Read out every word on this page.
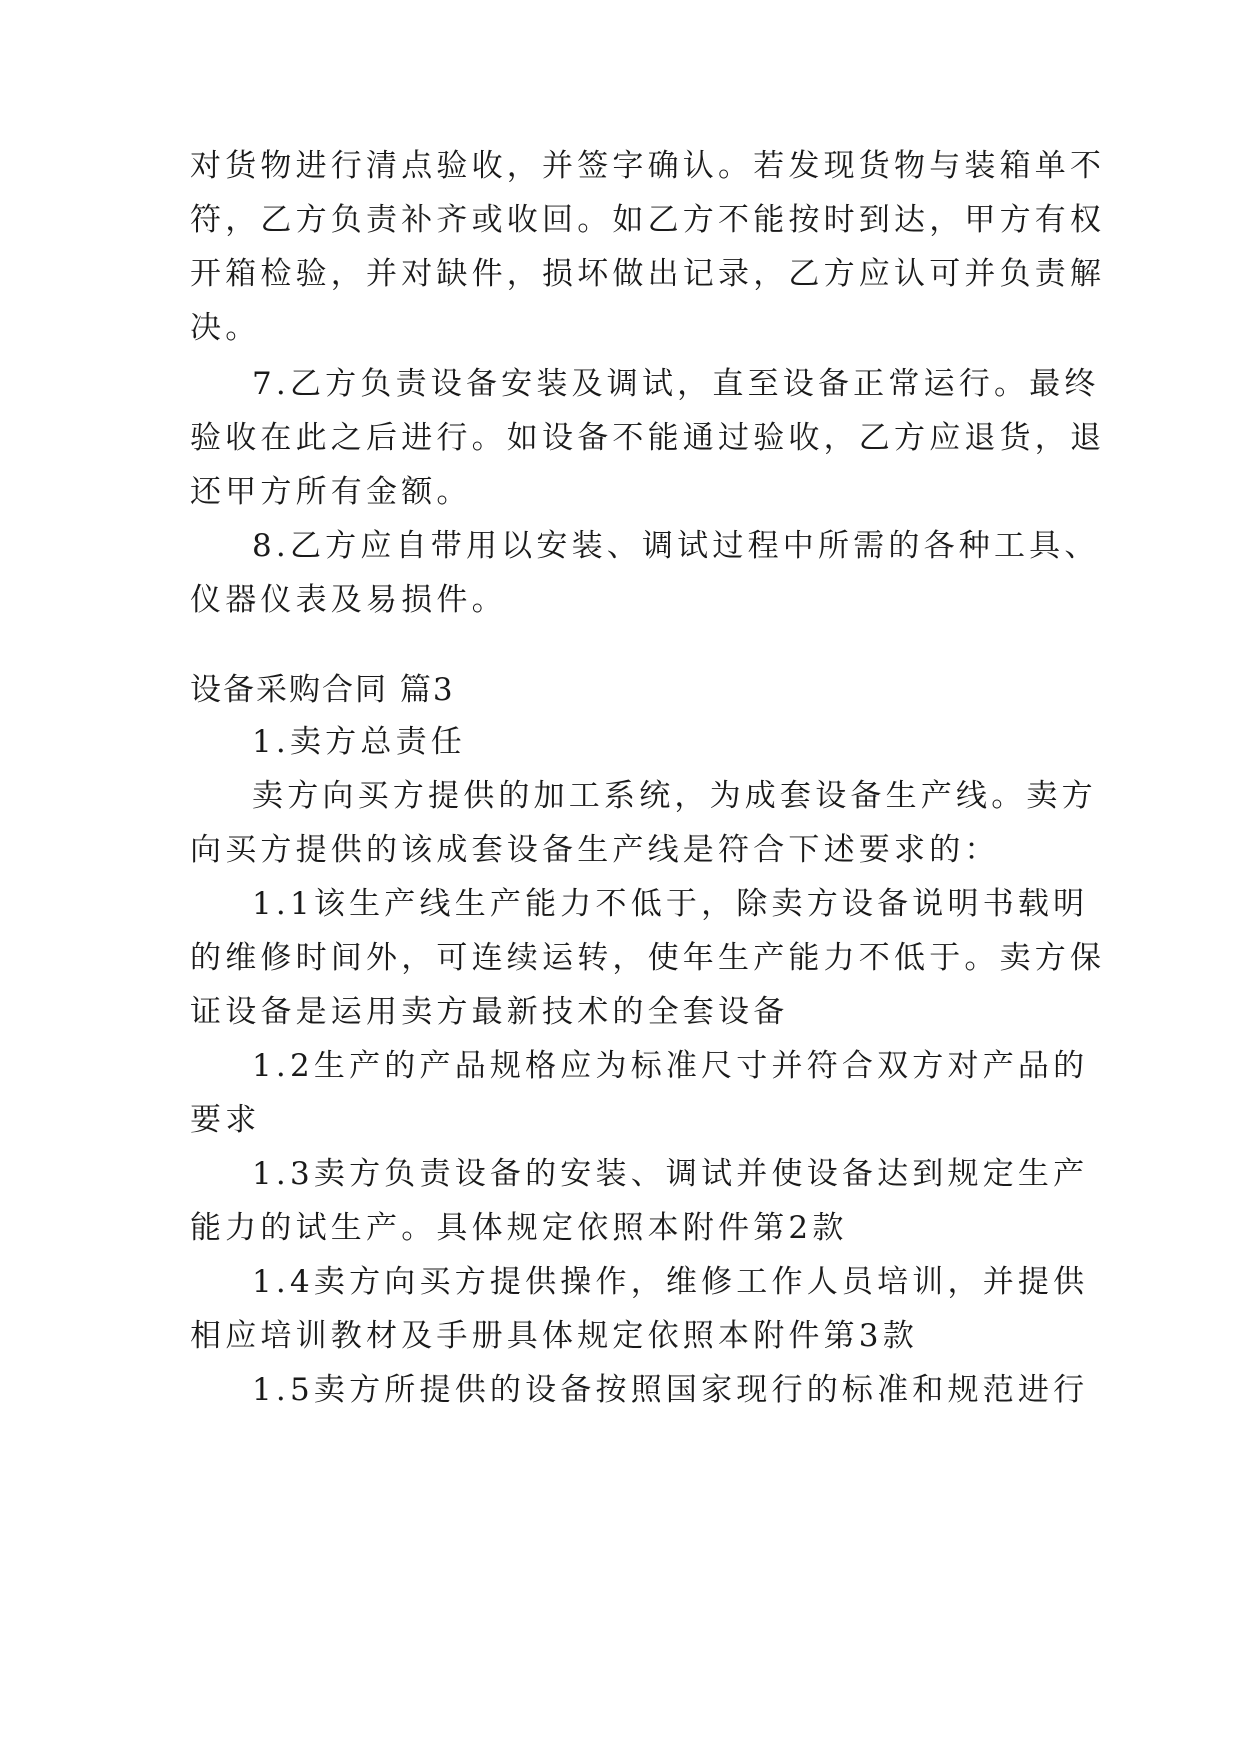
对货物进行清点验收，并签字确认。若发现货物与装箱单不
符，乙方负责补齐或收回。如乙方不能按时到达，甲方有权
开箱检验，并对缺件，损坏做出记录，乙方应认可并负责解
决。
7.乙方负责设备安装及调试，直至设备正常运行。最终
验收在此之后进行。如设备不能通过验收，乙方应退货，退
还甲方所有金额。
8.乙方应自带用以安装、调试过程中所需的各种工具、
仪器仪表及易损件。
设备采购合同 篇3
1.卖方总责任
卖方向买方提供的加工系统，为成套设备生产线。卖方
向买方提供的该成套设备生产线是符合下述要求的：
1.1该生产线生产能力不低于，除卖方设备说明书载明
的维修时间外，可连续运转，使年生产能力不低于。卖方保
证设备是运用卖方最新技术的全套设备
1.2生产的产品规格应为标准尺寸并符合双方对产品的
要求
1.3卖方负责设备的安装、调试并使设备达到规定生产
能力的试生产。具体规定依照本附件第2款
1.4卖方向买方提供操作，维修工作人员培训，并提供
相应培训教材及手册具体规定依照本附件第3款
1.5卖方所提供的设备按照国家现行的标准和规范进行
